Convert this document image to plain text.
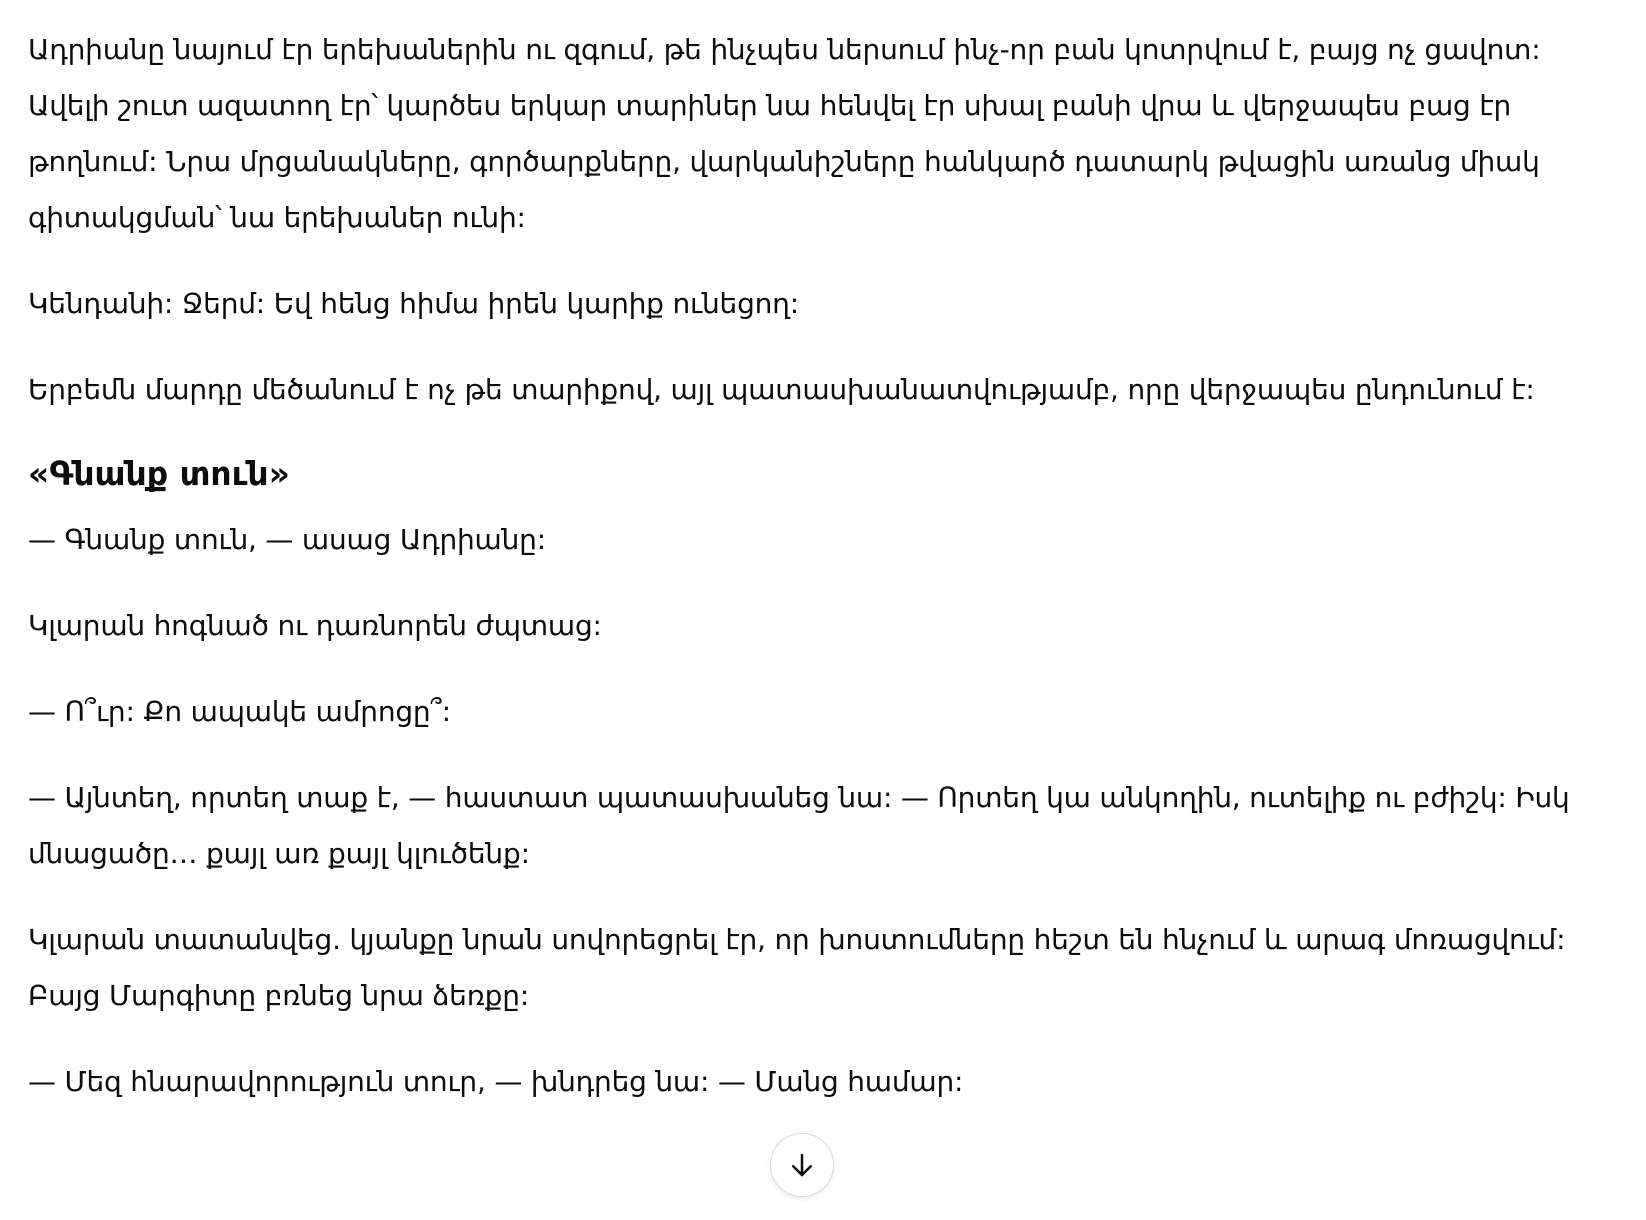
Ադրիանը նայում էր երեխաներին ու զգում, թե ինչպես ներսում ինչ-որ բան կոտրվում է, բայց ոչ ցավոտ: Ավելի շուտ ազատող էր՝ կարծես երկար տարիներ նա հենվել էր սխալ բանի վրա և վերջապես բաց էր թողնում: Նրա մրցանակները, գործարքները, վարկանիշները հանկարծ դատարկ թվացին առանց միակ գիտակցման՝ նա երեխաներ ունի:

Կենդանի: Ջերմ: Եվ հենց հիմա իրեն կարիք ունեցող:

Երբեմն մարդը մեծանում է ոչ թե տարիքով, այլ պատասխանատվությամբ, որը վերջապես ընդունում է:

«Գնանք տուն»

— Գնանք տուն, — ասաց Ադրիանը:

Կլարան հոգնած ու դառնորեն ժպտաց:

— Ո՞ւր: Քո ապակե ամրոցը՞:

— Այնտեղ, որտեղ տաք է, — հաստատ պատասխանեց նա: — Որտեղ կա անկողին, ուտելիք ու բժիշկ: Իսկ մնացածը… քայլ առ քայլ կլուծենք:

Կլարան տատանվեց. կյանքը նրան սովորեցրել էր, որ խոստումները հեշտ են հնչում և արագ մոռացվում: Բայց Մարգիտը բռնեց նրա ձեռքը:

— Մեզ հնարավորություն տուր, — խնդրեց նա: — Մանց համար:
